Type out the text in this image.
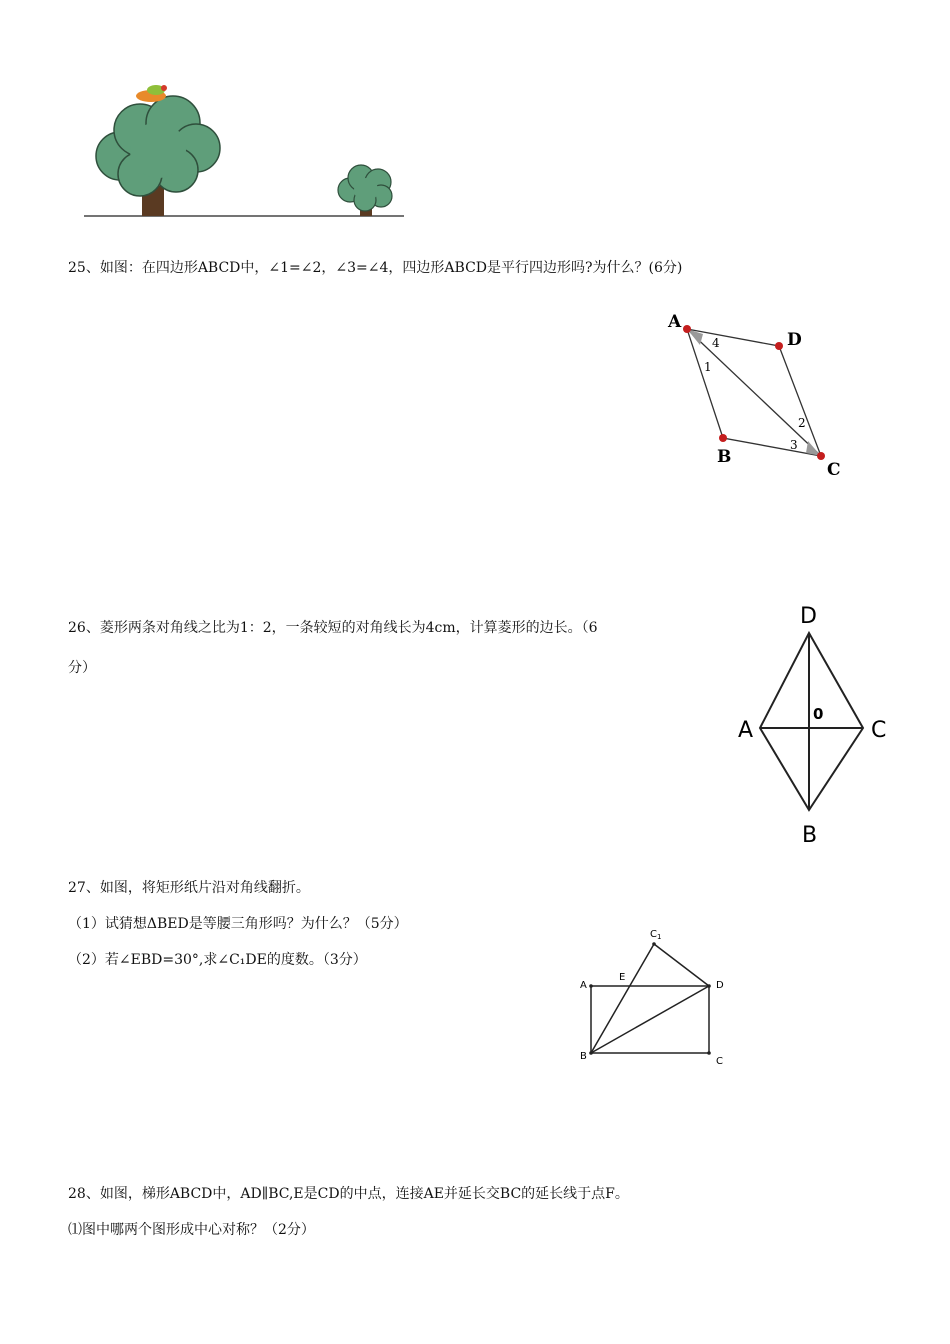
25、如图：在四边形ABCD中，∠1=∠2，∠3=∠4，四边形ABCD是平行四边形吗?为什么？(6分)
A
D
C
B
1
2
3
4
26、菱形两条对角线之比为1：2，一条较短的对角线长为4cm，计算菱形的边长。（6
分）
D
A	C
B
0
27、如图，将矩形纸片沿对角线翻折。
（1）试猜想ΔBED是等腰三角形吗？为什么？（5分）
（2）若∠EBD=30°,求∠C₁DE的度数。（3分）
A	D
B	C
E
$C_1$
28、如图，梯形ABCD中，AD∥BC,E是CD的中点，连接AE并延长交BC的延长线于点F。
⑴图中哪两个图形成中心对称？（2分）
